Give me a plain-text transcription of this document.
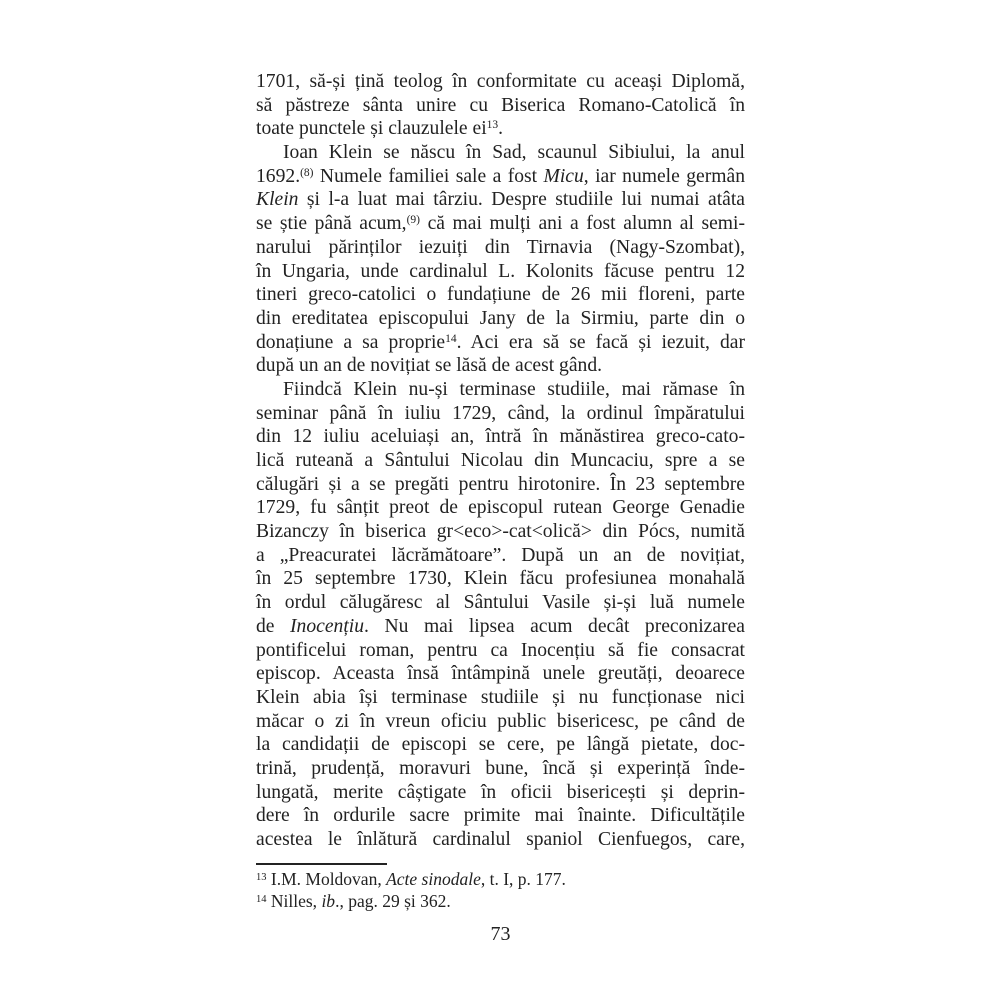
1701, să-și țină teolog în conformitate cu aceași Diplomă,
să păstreze sânta unire cu Biserica Romano-Catolică în
toate punctele și clauzulele $ei^{13}$.
Ioan Klein se născu în Sad, scaunul Sibiului, la anul
1692.$^{(8)}$ Numele familiei sale a fost Micu, iar numele germân
Klein și l-a luat mai târziu. Despre studiile lui numai atâta
se știe până acum,$^{(9)}$ că mai mulți ani a fost alumn al semi-
narului părinților iezuiți din Tirnavia (Nagy-Szombat),
în Ungaria, unde cardinalul L. Kolonits făcuse pentru 12
tineri greco-catolici o fundațiune de 26 mii floreni, parte
din ereditatea episcopului Jany de la Sirmiu, parte din o
donațiune a sa proprie$^{14}$. Aci era să se facă și iezuit, dar
după un an de novițiat se lăsă de acest gând.
Fiindcă Klein nu-și terminase studiile, mai rămase în
seminar până în iuliu 1729, când, la ordinul împăratului
din 12 iuliu aceluiași an, întră în mănăstirea greco-cato-
lică ruteană a Sântului Nicolau din Muncaciu, spre a se
călugări și a se pregăti pentru hirotonire. În 23 septembre
1729, fu sânțit preot de episcopul rutean George Genadie
Bizanczy în biserica gr<eco>-cat<olică> din Pócs, numită
a „Preacuratei lăcrămătoare”. După un an de novițiat,
în 25 septembre 1730, Klein făcu profesiunea monahală
în ordul călugăresc al Sântului Vasile și-și luă numele
de Inocențiu. Nu mai lipsea acum decât preconizarea
pontificelui roman, pentru ca Inocențiu să fie consacrat
episcop. Aceasta însă întâmpină unele greutăți, deoarece
Klein abia își terminase studiile și nu funcționase nici
măcar o zi în vreun oficiu public bisericesc, pe când de
la candidații de episcopi se cere, pe lângă pietate, doc-
trină, prudență, moravuri bune, încă și experință înde-
lungată, merite câștigate în oficii bisericești și deprin-
dere în ordurile sacre primite mai înainte. Dificultățile
acestea le înlătură cardinalul spaniol Cienfuegos, care,
$^{13}$ I.M. Moldovan, Acte sinodale, t. I, p. 177.
$^{14}$ Nilles, ib., pag. 29 și 362.
73
